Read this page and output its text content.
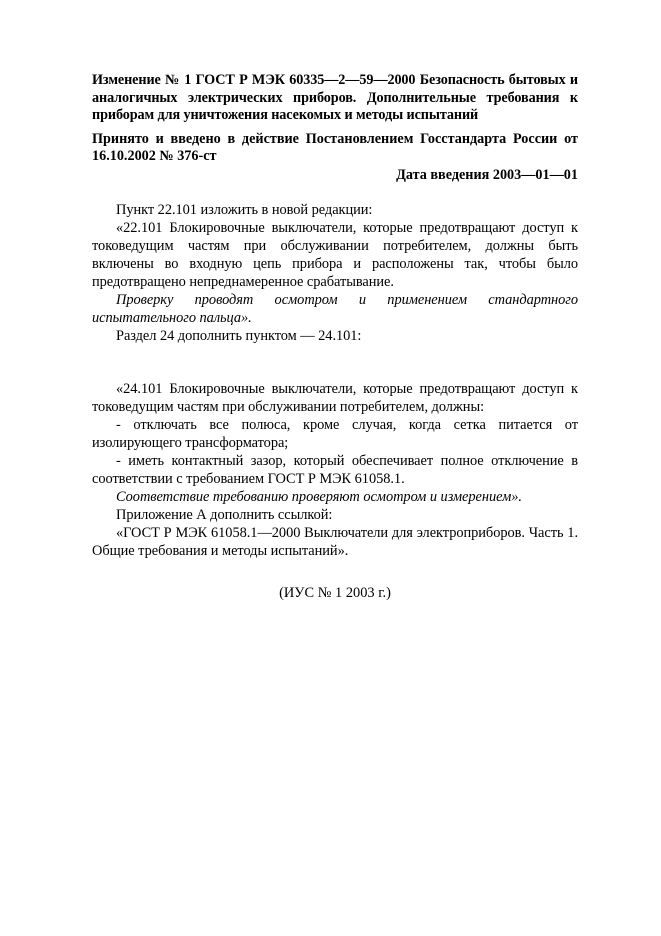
Изменение № 1 ГОСТ Р МЭК 60335—2—59—2000 Безопасность бытовых и аналогичных электрических приборов. Дополнительные требования к приборам для уничтожения насекомых и методы испытаний

Принято и введено в действие Постановлением Госстандарта России от 16.10.2002 № 376-ст

Дата введения 2003—01—01

Пункт 22.101 изложить в новой редакции:

«22.101 Блокировочные выключатели, которые предотвращают доступ к токоведущим частям при обслуживании потребителем, должны быть включены во входную цепь прибора и расположены так, чтобы было предотвращено непреднамеренное срабатывание.

Проверку проводят осмотром и применением стандартного испытательного пальца».

Раздел 24 дополнить пунктом — 24.101:

«24.101 Блокировочные выключатели, которые предотвращают доступ к токоведущим частям при обслуживании потребителем, должны:

- отключать все полюса, кроме случая, когда сетка питается от изолирующего трансформатора;

- иметь контактный зазор, который обеспечивает полное отключение в соответствии с требованием ГОСТ Р МЭК 61058.1.

Соответствие требованию проверяют осмотром и измерением».

Приложение А дополнить ссылкой:

«ГОСТ Р МЭК 61058.1—2000 Выключатели для электроприборов. Часть 1. Общие требования и методы испытаний».

(ИУС № 1 2003 г.)
